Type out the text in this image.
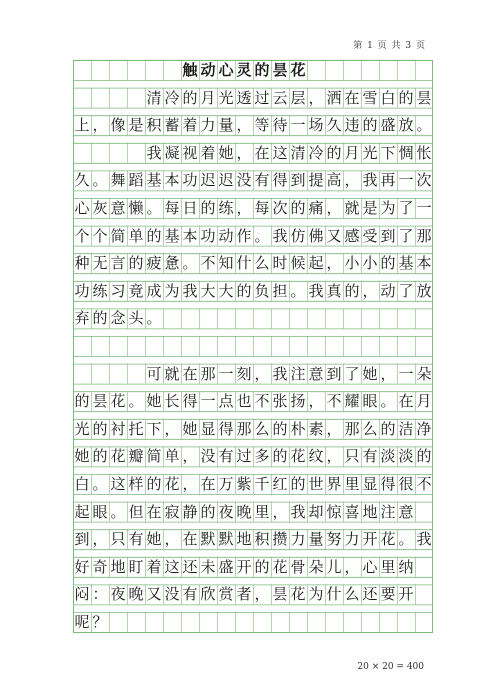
第 1 页 共 3 页
触 动 心 灵 的 昙 花
清 冷 的 月 光 透 过 云 层 ， 洒 在 雪 白 的 昙
上 ， 像 是 积 蓄 着 力 量 ， 等 待 一 场 久 违 的 盛 放 。
我 凝 视 着 她 ， 在 这 清 冷 的 月 光 下 惆 怅
久 。 舞 蹈 基 本 功 迟 迟 没 有 得 到 提 高 ， 我 再 一 次
心 灰 意 懒 。 每 日 的 练 ， 每 次 的 痛 ， 就 是 为 了 一
个 个 简 单 的 基 本 功 动 作 。 我 仿 佛 又 感 受 到 了 那
种 无 言 的 疲 惫 。 不 知 什 么 时 候 起 ， 小 小 的 基 本
功 练 习 竟 成 为 我 大 大 的 负 担 。 我 真 的 ， 动 了 放
弃 的 念 头 。
可 就 在 那 一 刻 ， 我 注 意 到 了 她 ， 一 朵
的 昙 花 。 她 长 得 一 点 也 不 张 扬 ， 不 耀 眼 。 在 月
光 的 衬 托 下 ， 她 显 得 那 么 的 朴 素 ， 那 么 的 洁 净
她 的 花 瓣 简 单 ， 没 有 过 多 的 花 纹 ， 只 有 淡 淡 的
白 。 这 样 的 花 ， 在 万 紫 千 红 的 世 界 里 显 得 很 不
起 眼 。 但 在 寂 静 的 夜 晚 里 ， 我 却 惊 喜 地 注 意
到 ， 只 有 她 ， 在 默 默 地 积 攒 力 量 努 力 开 花 。 我
好 奇 地 盯 着 这 还 未 盛 开 的 花 骨 朵 儿 ， 心 里 纳
闷 ： 夜 晚 又 没 有 欣 赏 者 ， 昙 花 为 什 么 还 要 开
呢 ？
20 × 20 = 400
